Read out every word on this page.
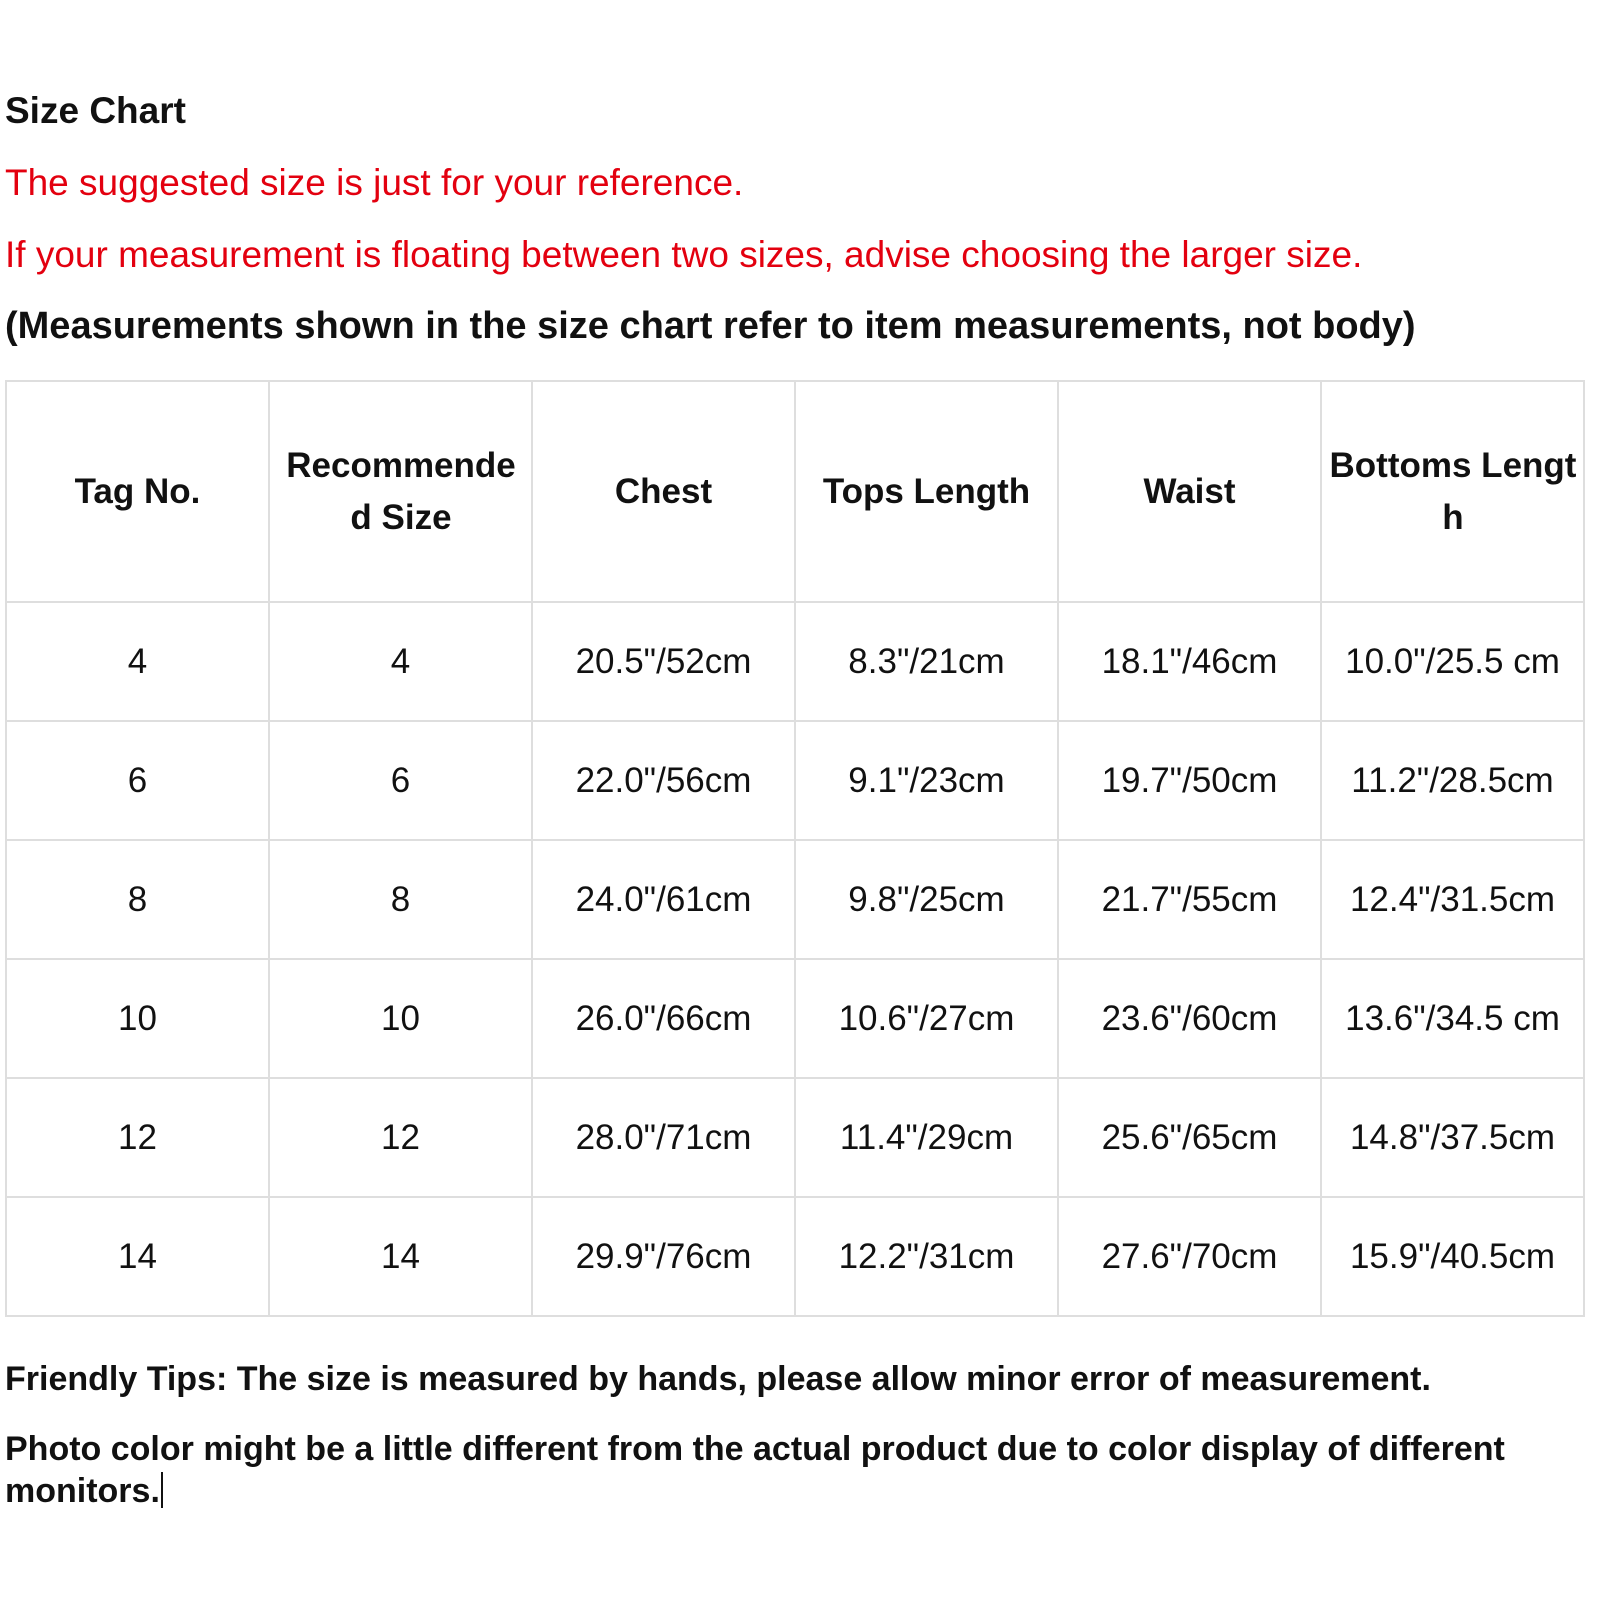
Size Chart
The suggested size is just for your reference.
If your measurement is floating between two sizes, advise choosing the larger size.
(Measurements shown in the size chart refer to item measurements, not body)
Tag No.	Recommended Size	Chest	Tops Length	Waist	Bottoms Length
4	4	20.5"/52cm	8.3"/21cm	18.1"/46cm	10.0"/25.5 cm
6	6	22.0"/56cm	9.1"/23cm	19.7"/50cm	11.2"/28.5cm
8	8	24.0"/61cm	9.8"/25cm	21.7"/55cm	12.4"/31.5cm
10	10	26.0"/66cm	10.6"/27cm	23.6"/60cm	13.6"/34.5 cm
12	12	28.0"/71cm	11.4"/29cm	25.6"/65cm	14.8"/37.5cm
14	14	29.9"/76cm	12.2"/31cm	27.6"/70cm	15.9"/40.5cm
Friendly Tips: The size is measured by hands, please allow minor error of measurement.
Photo color might be a little different from the actual product due to color display of different monitors.
